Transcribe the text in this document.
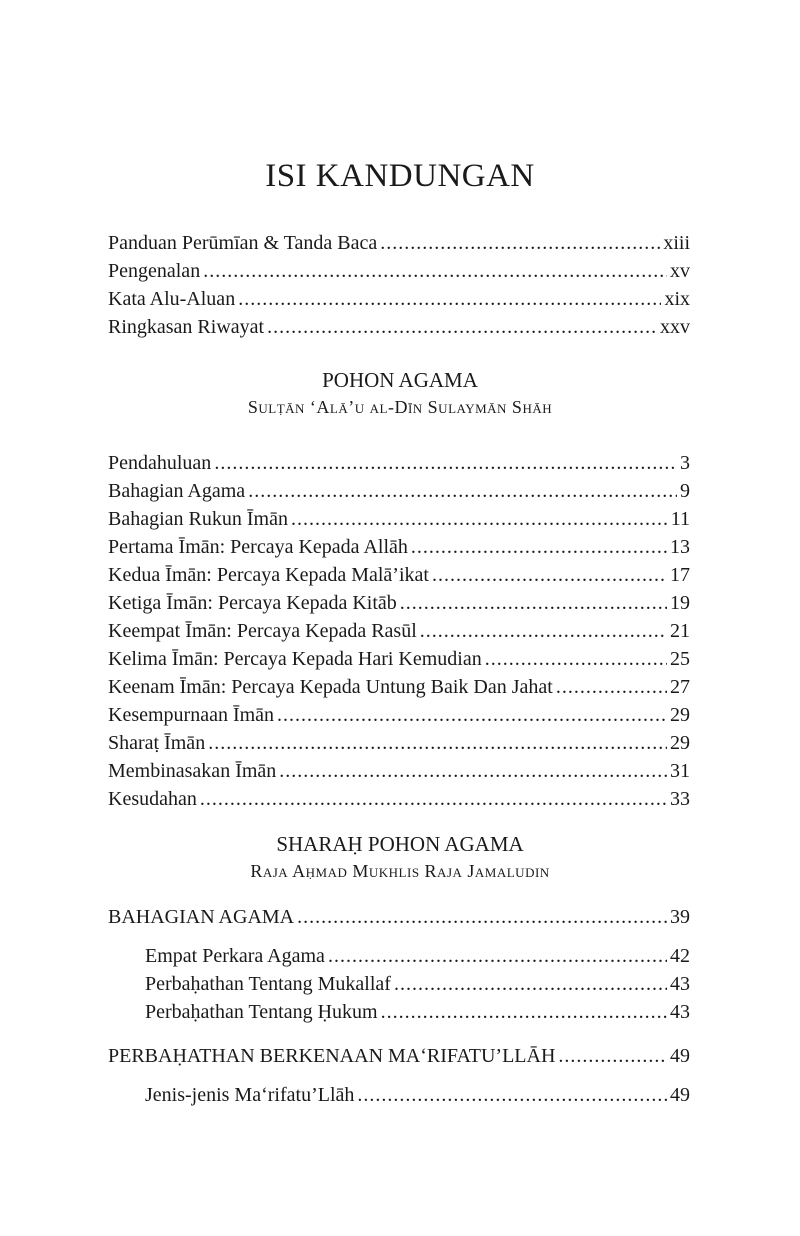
ISI KANDUNGAN
Panduan Perūmīan & Tanda Baca .....	xiii
Pengenalan .....	xv
Kata Alu-Aluan .....	xix
Ringkasan Riwayat .....	xxv
POHON AGAMA

Sulṭān ‘Alā’u al-Dīn Sulaymān Shāh

Pendahuluan .....	3
Bahagian Agama .....	9
Bahagian Rukun Īmān .....	11
Pertama Īmān: Percaya Kepada Allāh .....	13
Kedua Īmān: Percaya Kepada Malā’ikat .....	17
Ketiga Īmān: Percaya Kepada Kitāb .....	19
Keempat Īmān: Percaya Kepada Rasūl .....	21
Kelima Īmān: Percaya Kepada Hari Kemudian .....	25
Keenam Īmān: Percaya Kepada Untung Baik Dan Jahat .....	27
Kesempurnaan Īmān .....	29
Sharaṭ Īmān .....	29
Membinasakan Īmān .....	31
Kesudahan .....	33
SHARAḤ POHON AGAMA

Raja Aḥmad Mukhlis Raja Jamaludin

BAHAGIAN AGAMA .....	39
Empat Perkara Agama .....	42
Perbaḥathan Tentang Mukallaf .....	43
Perbaḥathan Tentang Ḥukum .....	43
PERBAḤATHAN BERKENAAN MA‘RIFATU’LLĀH .....	49
Jenis-jenis Ma‘rifatu’Llāh .....	49
